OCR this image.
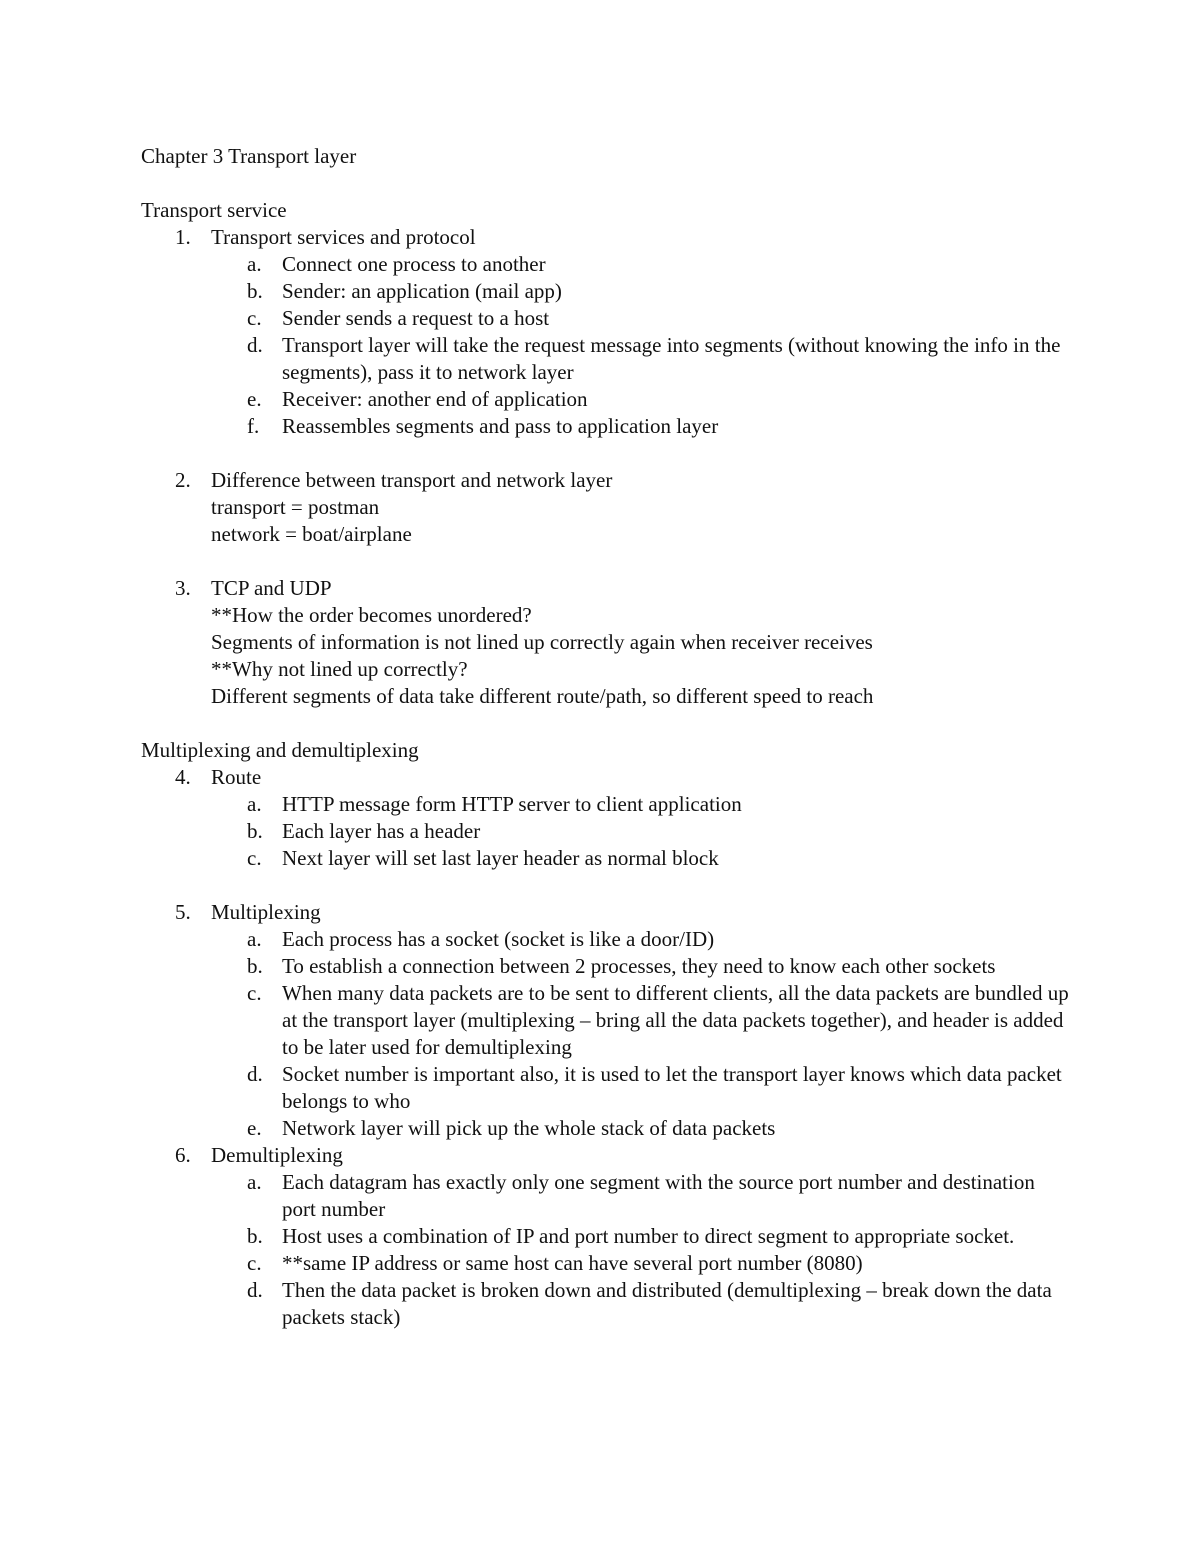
Chapter 3 Transport layer
Transport service
1. Transport services and protocol
a. Connect one process to another
b. Sender: an application (mail app)
c. Sender sends a request to a host
d. Transport layer will take the request message into segments (without knowing the info in the segments), pass it to network layer
e. Receiver: another end of application
f. Reassembles segments and pass to application layer
2. Difference between transport and network layer
transport = postman
network = boat/airplane
3. TCP and UDP
**How the order becomes unordered?
Segments of information is not lined up correctly again when receiver receives
**Why not lined up correctly?
Different segments of data take different route/path, so different speed to reach
Multiplexing and demultiplexing
4. Route
a. HTTP message form HTTP server to client application
b. Each layer has a header
c. Next layer will set last layer header as normal block
5. Multiplexing
a. Each process has a socket (socket is like a door/ID)
b. To establish a connection between 2 processes, they need to know each other sockets
c. When many data packets are to be sent to different clients, all the data packets are bundled up at the transport layer (multiplexing – bring all the data packets together), and header is added to be later used for demultiplexing
d. Socket number is important also, it is used to let the transport layer knows which data packet belongs to who
e. Network layer will pick up the whole stack of data packets
6. Demultiplexing
a. Each datagram has exactly only one segment with the source port number and destination port number
b. Host uses a combination of IP and port number to direct segment to appropriate socket.
c. **same IP address or same host can have several port number (8080)
d. Then the data packet is broken down and distributed (demultiplexing – break down the data packets stack)
